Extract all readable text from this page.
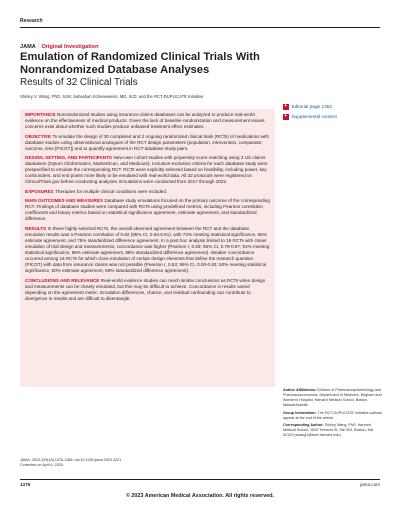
Research
JAMA | Original Investigation
Emulation of Randomized Clinical Trials With Nonrandomized Database Analyses
Results of 32 Clinical Trials
Shirley V. Wang, PhD, ScM; Sebastian Schneeweiss, MD, ScD; and the RCT-DUPLICATE Initiative

IMPORTANCE Nonrandomized studies using insurance claims databases can be analyzed to produce real-world evidence on the effectiveness of medical products. Given the lack of baseline randomization and measurement issues, concerns exist about whether such studies produce unbiased treatment effect estimates.

OBJECTIVE To emulate the design of 30 completed and 2 ongoing randomized clinical trials (RCTs) of medications with database studies using observational analogues of the RCT design parameters (population, intervention, comparator, outcome, time [PICOT]) and to quantify agreement in RCT-database study pairs.

DESIGN, SETTING, AND PARTICIPANTS New-user cohort studies with propensity score matching using 3 US claims databases (Optum Clinformatics, MarketScan, and Medicare). Inclusion-exclusion criteria for each database study were prespecified to emulate the corresponding RCT. RCTs were explicitly selected based on feasibility, including power, key confounders, and end points more likely to be emulated with real-world data. All 32 protocols were registered on ClinicalTrials.gov before conducting analyses. Emulations were conducted from 2017 through 2022.

EXPOSURES Therapies for multiple clinical conditions were included.

MAIN OUTCOMES AND MEASURES Database study emulations focused on the primary outcome of the corresponding RCT. Findings of database studies were compared with RCTs using predefined metrics, including Pearson correlation coefficients and binary metrics based on statistical significance agreement, estimate agreement, and standardized difference.

RESULTS In these highly selected RCTs, the overall observed agreement between the RCT and the database emulation results was a Pearson correlation of 0.82 (95% CI, 0.64-0.91), with 72% meeting statistical significance, 66% estimate agreement, and 75% standardized difference agreement. In a post hoc analysis limited to 16 RCTs with closer emulation of trial design and measurements, concordance was higher (Pearson r, 0.93; 95% CI, 0.79-0.97; 94% meeting statistical significance, 88% estimate agreement, 88% standardized difference agreement). Weaker concordance occurred among 16 RCTs for which close emulation of certain design elements that define the research question (PICOT) with data from insurance claims was not possible (Pearson r, 0.53; 95% CI, 0.00-0.83; 50% meeting statistical significance, 50% estimate agreement, 69% standardized difference agreement).

CONCLUSIONS AND RELEVANCE Real-world evidence studies can reach similar conclusions as RCTs when design and measurements can be closely emulated, but this may be difficult to achieve. Concordance in results varied depending on the agreement metric. Emulation differences, chance, and residual confounding can contribute to divergence in results and are difficult to disentangle.

+ Editorial page 1352
+ Supplemental content

Author Affiliations: Division of Pharmacoepidemiology and Pharmacoeconomics, Department of Medicine, Brigham and Women's Hospital, Harvard Medical School, Boston, Massachusetts.

Group Information: The RCT-DUPLICATE Initiative authors appear at the end of the article.

Corresponding Author: Shirley Wang, PhD, Harvard Medical School, 1620 Tremont St, Ste 303, Boston, MA 02120 (swang1@bwh.harvard.edu).

JAMA. 2023;329(16):1376-1385. doi:10.1001/jama.2023.4221
Corrected on April 9, 2024.
1376	jama.com
© 2023 American Medical Association. All rights reserved.
